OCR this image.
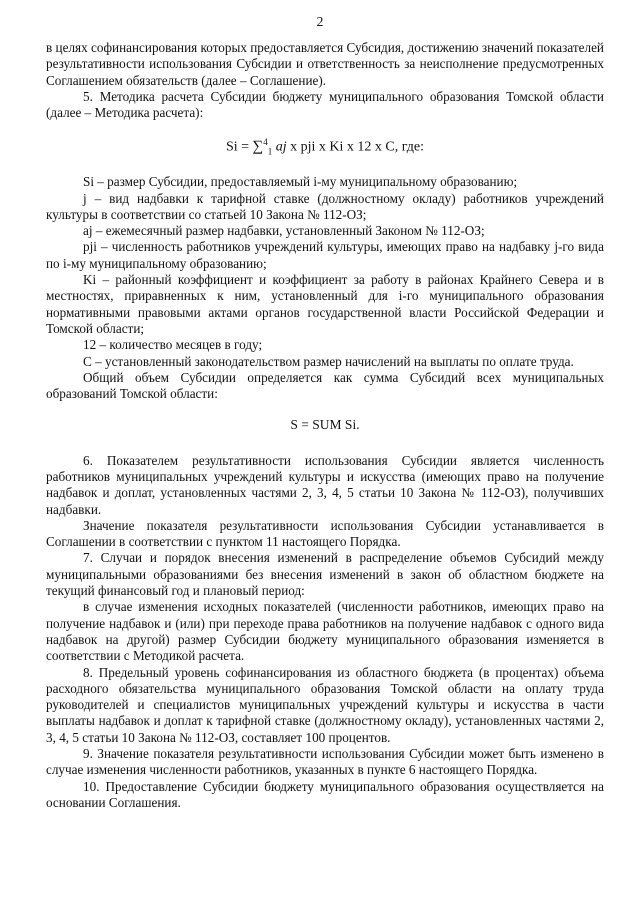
2

в целях софинансирования которых предоставляется Субсидия, достижению значений показателей результативности использования Субсидии и ответственность за неисполнение предусмотренных Соглашением обязательств (далее – Соглашение).

5. Методика расчета Субсидии бюджету муниципального образования Томской области (далее – Методика расчета):

Si = ∑$^4_1$ aj x pji x Ki x 12 x C, где:

Si – размер Субсидии, предоставляемый i-му муниципальному образованию;

j – вид надбавки к тарифной ставке (должностному окладу) работников учреждений культуры в соответствии со статьей 10 Закона № 112-ОЗ;

aj – ежемесячный размер надбавки, установленный Законом № 112-ОЗ;

pji – численность работников учреждений культуры, имеющих право на надбавку j-го вида по i-му муниципальному образованию;

Ki – районный коэффициент и коэффициент за работу в районах Крайнего Севера и в местностях, приравненных к ним, установленный для i-го муниципального образования нормативными правовыми актами органов государственной власти Российской Федерации и Томской области;

12 – количество месяцев в году;

С – установленный законодательством размер начислений на выплаты по оплате труда.

Общий объем Субсидии определяется как сумма Субсидий всех муниципальных образований Томской области:

S = SUM Si.

6. Показателем результативности использования Субсидии является численность работников муниципальных учреждений культуры и искусства (имеющих право на получение надбавок и доплат, установленных частями 2, 3, 4, 5 статьи 10 Закона № 112-ОЗ), получивших надбавки.

Значение показателя результативности использования Субсидии устанавливается в Соглашении в соответствии с пунктом 11 настоящего Порядка.

7. Случаи и порядок внесения изменений в распределение объемов Субсидий между муниципальными образованиями без внесения изменений в закон об областном бюджете на текущий финансовый год и плановый период:

в случае изменения исходных показателей (численности работников, имеющих право на получение надбавок и (или) при переходе права работников на получение надбавок с одного вида надбавок на другой) размер Субсидии бюджету муниципального образования изменяется в соответствии с Методикой расчета.

8. Предельный уровень софинансирования из областного бюджета (в процентах) объема расходного обязательства муниципального образования Томской области на оплату труда руководителей и специалистов муниципальных учреждений культуры и искусства в части выплаты надбавок и доплат к тарифной ставке (должностному окладу), установленных частями 2, 3, 4, 5 статьи 10 Закона № 112-ОЗ, составляет 100 процентов.

9. Значение показателя результативности использования Субсидии может быть изменено в случае изменения численности работников, указанных в пункте 6 настоящего Порядка.

10. Предоставление Субсидии бюджету муниципального образования осуществляется на основании Соглашения.
